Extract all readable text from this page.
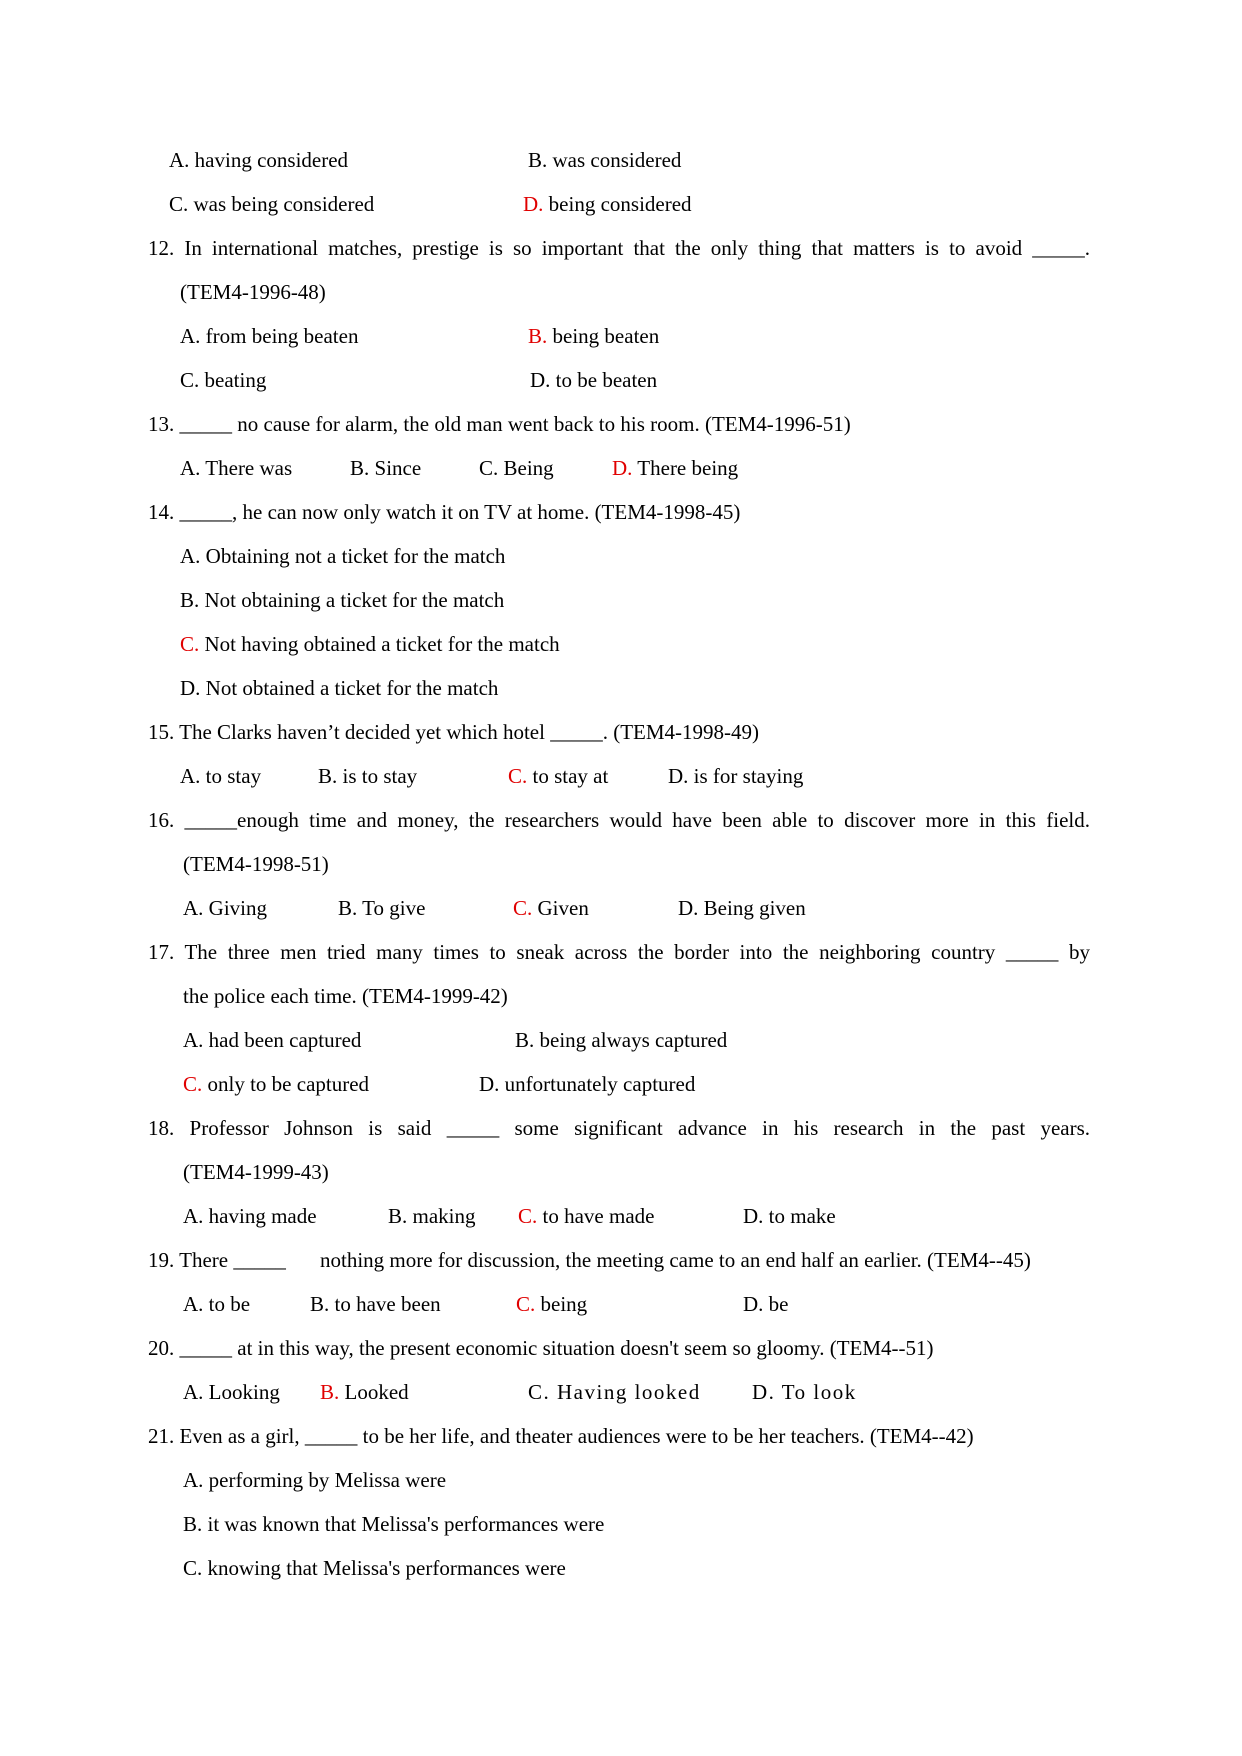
A. having considered	B. was considered
C. was being considered	D. being considered
12. In international matches, prestige is so important that the only thing that matters is to avoid _____.
(TEM4-1996-48)
A. from being beaten	B. being beaten
C. beating	D. to be beaten
13. _____ no cause for alarm, the old man went back to his room. (TEM4-1996-51)
A. There was	B. Since	C. Being	D. There being
14. _____, he can now only watch it on TV at home. (TEM4-1998-45)
A. Obtaining not a ticket for the match
B. Not obtaining a ticket for the match
C. Not having obtained a ticket for the match
D. Not obtained a ticket for the match
15. The Clarks haven’t decided yet which hotel _____. (TEM4-1998-49)
A. to stay	B. is to stay	C. to stay at	D. is for staying
16. _____enough time and money, the researchers would have been able to discover more in this field.
(TEM4-1998-51)
A. Giving	B. To give	C. Given	D. Being given
17. The three men tried many times to sneak across the border into the neighboring country _____ by
the police each time. (TEM4-1999-42)
A. had been captured	B. being always captured
C. only to be captured	D. unfortunately captured
18. Professor Johnson is said _____ some significant advance in his research in the past years.
(TEM4-1999-43)
A. having made	B. making C. to have made	D. to make
19. There _____ nothing more for discussion, the meeting came to an end half an earlier. (TEM4--45)
A. to be	B. to have been	C. being	D. be
20. _____ at in this way, the present economic situation doesn't seem so gloomy. (TEM4--51)
A. Looking B. Looked	C. Having looked D. To look
21. Even as a girl, _____ to be her life, and theater audiences were to be her teachers. (TEM4--42)
A. performing by Melissa were
B. it was known that Melissa's performances were
C. knowing that Melissa's performances were
